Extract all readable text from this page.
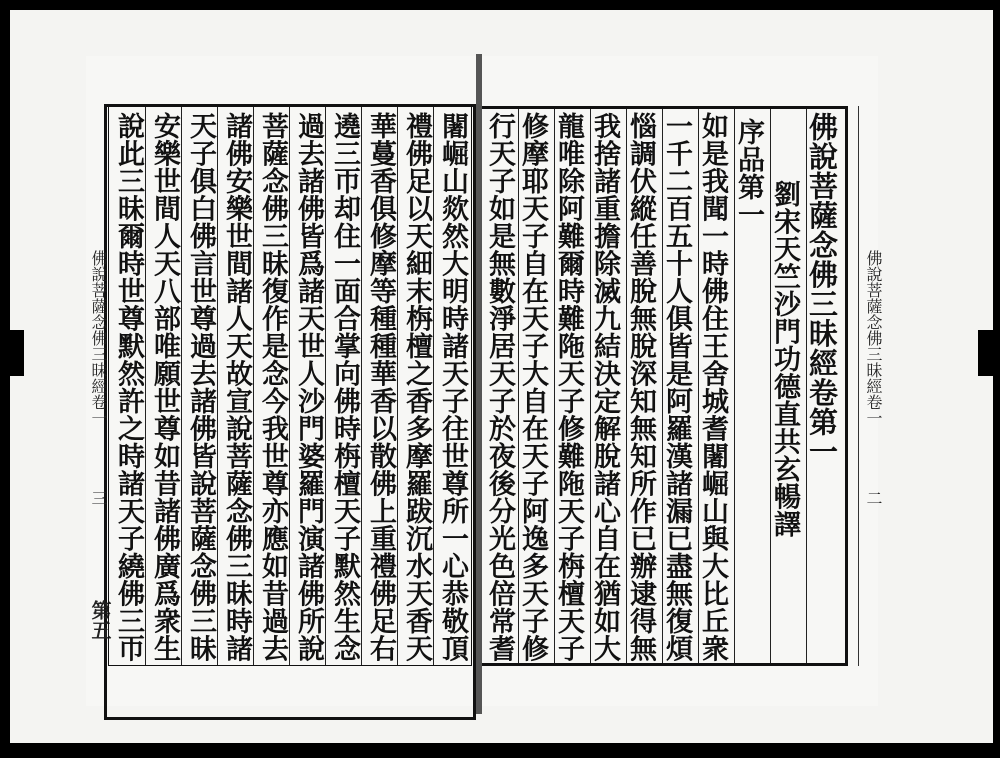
佛說菩薩念佛三昧經卷一
三
第五	闍崛山欻然大明時諸天子往世尊所一心恭敬頂
禮佛足以天細末栴檀之香多摩羅跋沉水天香天
華蔓香俱修摩等種種華香以散佛上重禮佛足右
遶三帀却住一面合掌向佛時栴檀天子默然生念
過去諸佛皆爲諸天世人沙門婆羅門演諸佛所說
菩薩念佛三昧復作是念今我世尊亦應如昔過去
諸佛安樂世間諸人天故宣說菩薩念佛三昧時諸
天子俱白佛言世尊過去諸佛皆說菩薩念佛三昧
安樂世間人天八部唯願世尊如昔諸佛廣爲衆生
說此三昧爾時世尊默然許之時諸天子繞佛三帀	佛說菩薩念佛三昧經卷第一
劉宋天竺沙門功德直共玄暢譯
序品第一
如是我聞一時佛住王舍城耆闍崛山與大比丘衆
一千二百五十人俱皆是阿羅漢諸漏已盡無復煩
惱調伏縱任善脫無脫深知無知所作已辦逮得無
我捨諸重擔除滅九結決定解脫諸心自在猶如大
龍唯除阿難爾時難陁天子修難陁天子栴檀天子
修摩耶天子自在天子大自在天子阿逸多天子修
行天子如是無數淨居天子於夜後分光色倍常耆	佛說菩薩念佛三昧經卷一
二
